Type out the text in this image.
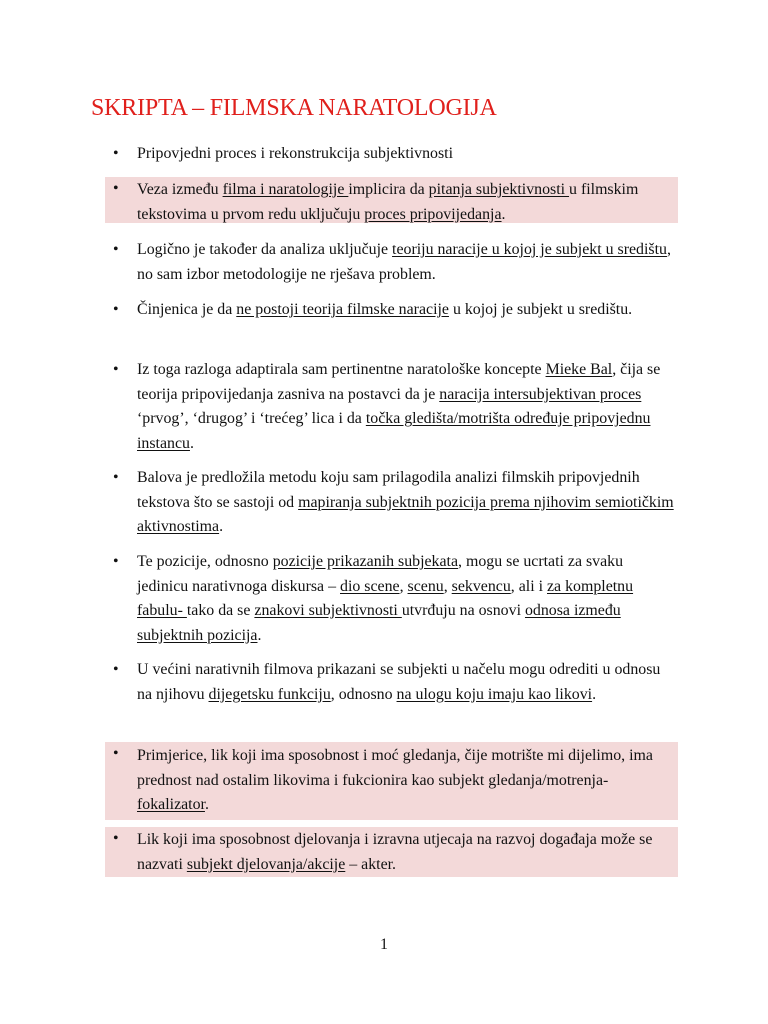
SKRIPTA – FILMSKA NARATOLOGIJA
• Pripovjedni proces i rekonstrukcija subjektivnosti
• Veza između filma i naratologije implicira da pitanja subjektivnosti u filmskim tekstovima u prvom redu uključuju proces pripovijedanja.
• Logično je također da analiza uključuje teoriju naracije u kojoj je subjekt u središtu, no sam izbor metodologije ne rješava problem.
• Činjenica je da ne postoji teorija filmske naracije u kojoj je subjekt u središtu.
• Iz toga razloga adaptirala sam pertinentne naratološke koncepte Mieke Bal, čija se teorija pripovijedanja zasniva na postavci da je naracija intersubjektivan proces ‘prvog’, ‘drugog’ i ‘trećeg’ lica i da točka gledišta/motrišta određuje pripovjednu instancu.
• Balova je predložila metodu koju sam prilagodila analizi filmskih pripovjednih tekstova što se sastoji od mapiranja subjektnih pozicija prema njihovim semiotičkim aktivnostima.
• Te pozicije, odnosno pozicije prikazanih subjekata, mogu se ucrtati za svaku jedinicu narativnoga diskursa – dio scene, scenu, sekvencu, ali i za kompletnu fabulu- tako da se znakovi subjektivnosti utvrđuju na osnovi odnosa između subjektnih pozicija.
• U većini narativnih filmova prikazani se subjekti u načelu mogu odrediti u odnosu na njihovu dijegetsku funkciju, odnosno na ulogu koju imaju kao likovi.
• Primjerice, lik koji ima sposobnost i moć gledanja, čije motrište mi dijelimo, ima prednost nad ostalim likovima i fukcionira kao subjekt gledanja/motrenja- fokalizator.
• Lik koji ima sposobnost djelovanja i izravna utjecaja na razvoj događaja može se nazvati subjekt djelovanja/akcije – akter.
1
